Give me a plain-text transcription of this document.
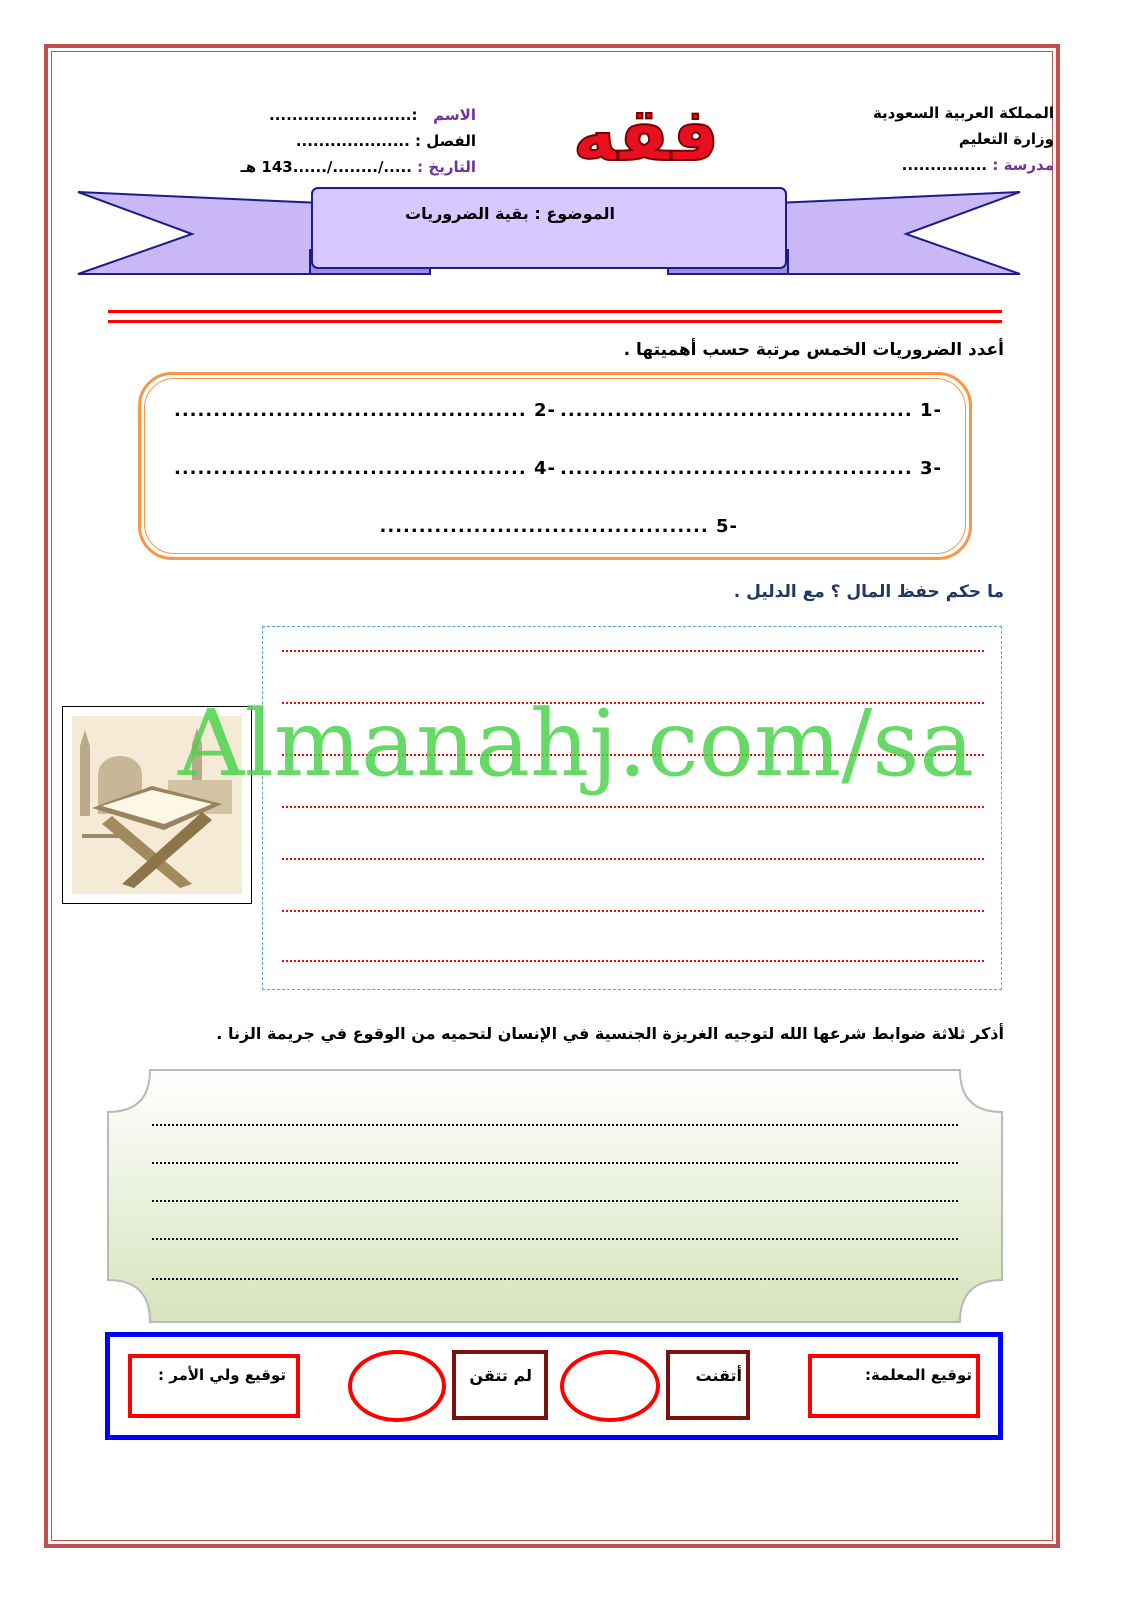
المملكة العربية السعودية
وزارة التعليم
مدرسة : ...............
فقه
الاسم   :.........................
الفصل : ....................
التاريخ : ...../......../......143 هـ
الموضوع : بقية الضروريات
أعدد الضروريات الخمس مرتبة حسب أهميتها .
-1 .............................................
-2 .............................................
-3 .............................................
-4 .............................................
-5 ..........................................
ما حكم حفظ المال ؟ مع الدليل .
Almanahj.com/sa
أذكر ثلاثة ضوابط شرعها الله لتوجيه الغريزة الجنسية في الإنسان لتحميه من الوقوع في جريمة الزنا .
توقيع المعلمة:
أتقنت
لم تتقن
توقيع ولي الأمر :
